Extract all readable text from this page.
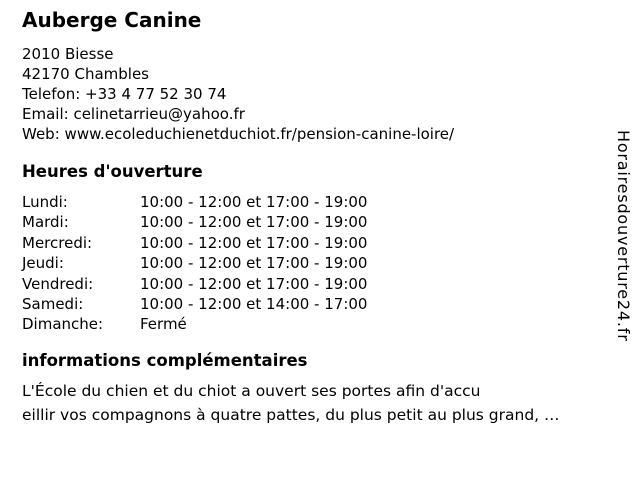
Auberge Canine
2010 Biesse
42170 Chambles
Telefon: +33 4 77 52 30 74
Email: celinetarrieu@yahoo.fr
Web: www.ecoleduchienetduchiot.fr/pension-canine-loire/
Heures d'ouverture
Lundi:	10:00 - 12:00 et 17:00 - 19:00
Mardi:	10:00 - 12:00 et 17:00 - 19:00
Mercredi:	10:00 - 12:00 et 17:00 - 19:00
Jeudi:	10:00 - 12:00 et 17:00 - 19:00
Vendredi:	10:00 - 12:00 et 17:00 - 19:00
Samedi:	10:00 - 12:00 et 14:00 - 17:00
Dimanche: Fermé
informations complémentaires
L'École du chien et du chiot a ouvert ses portes afin d'accu
eillir vos compagnons à quatre pattes, du plus petit au plus grand, …
Horairesdouverture24.fr
